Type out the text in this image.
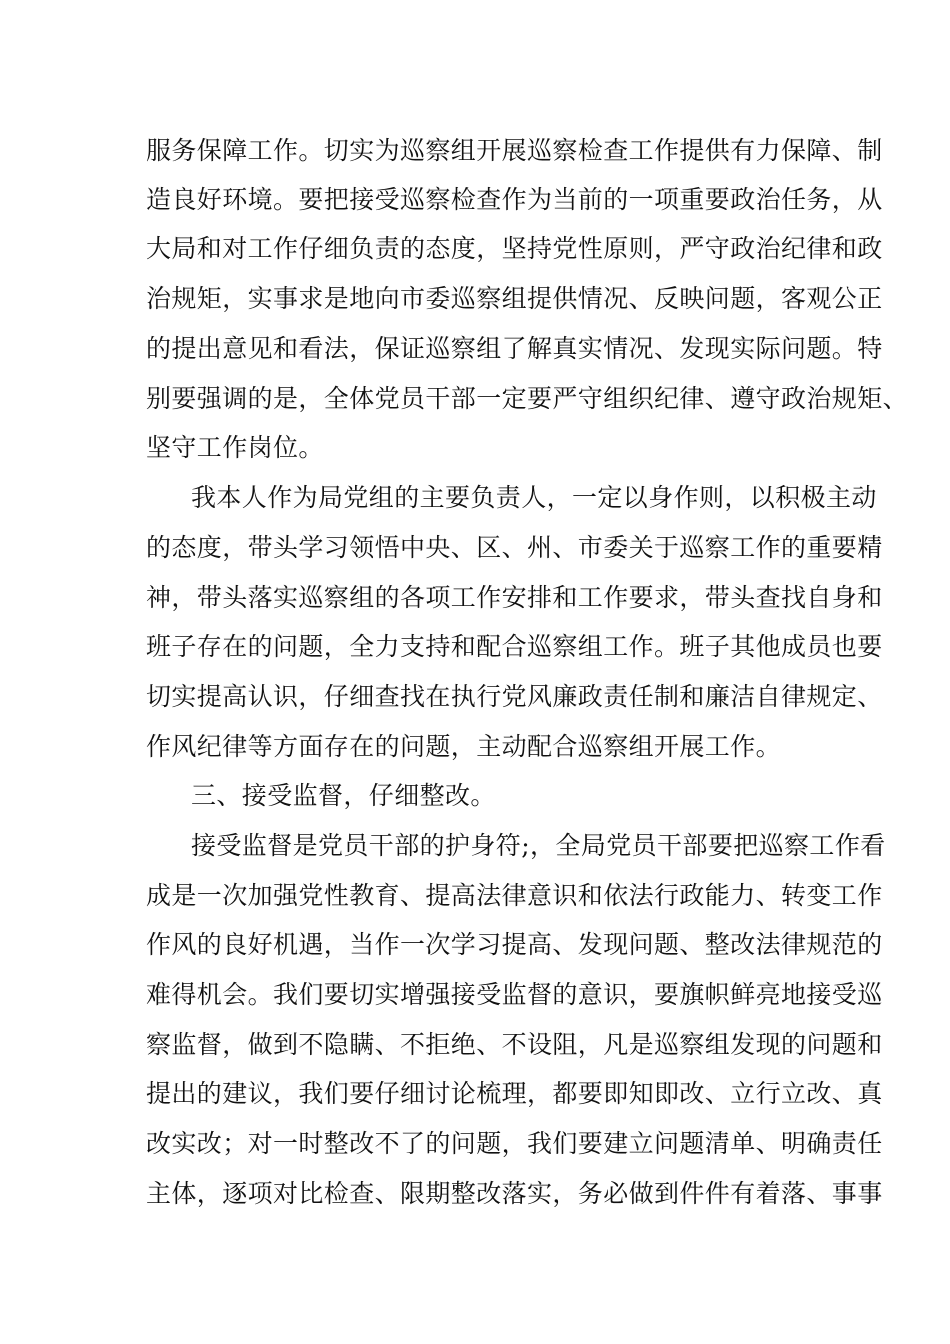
服务保障工作。切实为巡察组开展巡察检查工作提供有力保障、制
造良好环境。要把接受巡察检查作为当前的一项重要政治任务，从
大局和对工作仔细负责的态度，坚持党性原则，严守政治纪律和政
治规矩，实事求是地向市委巡察组提供情况、反映问题，客观公正
的提出意见和看法，保证巡察组了解真实情况、发现实际问题。特
别要强调的是，全体党员干部一定要严守组织纪律、遵守政治规矩、
坚守工作岗位。
我本人作为局党组的主要负责人，一定以身作则，以积极主动
的态度，带头学习领悟中央、区、州、市委关于巡察工作的重要精
神，带头落实巡察组的各项工作安排和工作要求，带头查找自身和
班子存在的问题，全力支持和配合巡察组工作。班子其他成员也要
切实提高认识，仔细查找在执行党风廉政责任制和廉洁自律规定、
作风纪律等方面存在的问题，主动配合巡察组开展工作。
三、接受监督，仔细整改。
接受监督是党员干部的护身符;，全局党员干部要把巡察工作看
成是一次加强党性教育、提高法律意识和依法行政能力、转变工作
作风的良好机遇，当作一次学习提高、发现问题、整改法律规范的
难得机会。我们要切实增强接受监督的意识，要旗帜鲜亮地接受巡
察监督，做到不隐瞒、不拒绝、不设阻，凡是巡察组发现的问题和
提出的建议，我们要仔细讨论梳理，都要即知即改、立行立改、真
改实改；对一时整改不了的问题，我们要建立问题清单、明确责任
主体，逐项对比检查、限期整改落实，务必做到件件有着落、事事
